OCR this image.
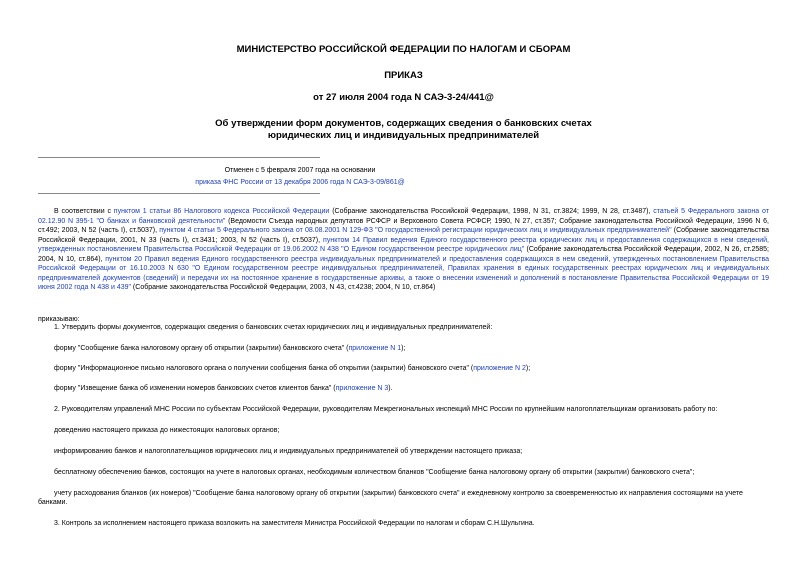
МИНИСТЕРСТВО РОССИЙСКОЙ ФЕДЕРАЦИИ ПО НАЛОГАМ И СБОРАМ
ПРИКАЗ
от 27 июля 2004 года N САЭ-3-24/441@
Об утверждении форм документов, содержащих сведения о банковских счетах
юридических лиц и индивидуальных предпринимателей
Отменен с 5 февраля 2007 года на основании
приказа ФНС России от 13 декабря 2006 года N САЭ-3-09/861@
В соответствии с пунктом 1 статьи 86 Налогового кодекса Российской Федерации (Собрание законодательства Российской Федерации, 1998, N 31, ст.3824; 1999, N 28, ст.3487), статьей 5 Федерального закона от 02.12.90 N 395-1 "О банках и банковской деятельности" (Ведомости Съезда народных депутатов РСФСР и Верховного Совета РСФСР, 1990, N 27, ст.357; Собрание законодательства Российской Федерации, 1996 N 6, ст.492; 2003, N 52 (часть I), ст.5037), пунктом 4 статьи 5 Федерального закона от 08.08.2001 N 129-ФЗ "О государственной регистрации юридических лиц и индивидуальных предпринимателей" (Собрание законодательства Российской Федерации, 2001, N 33 (часть I), ст.3431; 2003, N 52 (часть I), ст.5037), пунктом 14 Правил ведения Единого государственного реестра юридических лиц и предоставления содержащихся в нем сведений, утвержденных постановлением Правительства Российской Федерации от 19.06.2002 N 438 "О Едином государственном реестре юридических лиц" (Собрание законодательства Российской Федерации, 2002, N 26, ст.2585; 2004, N 10, ст.864), пунктом 20 Правил ведения Единого государственного реестра индивидуальных предпринимателей и предоставления содержащихся в нем сведений, утвержденных постановлением Правительства Российской Федерации от 16.10.2003 N 630 "О Едином государственном реестре индивидуальных предпринимателей, Правилах хранения в единых государственных реестрах юридических лиц и индивидуальных предпринимателей документов (сведений) и передачи их на постоянное хранение в государственные архивы, а также о внесении изменений и дополнений в постановление Правительства Российской Федерации от 19 июня 2002 года N 438 и 439" (Собрание законодательства Российской Федерации, 2003, N 43, ст.4238; 2004, N 10, ст.864)
приказываю:
1. Утвердить формы документов, содержащих сведения о банковских счетах юридических лиц и индивидуальных предпринимателей:
форму "Сообщение банка налоговому органу об открытии (закрытии) банковского счета" (приложение N 1);
форму "Информационное письмо налогового органа о получении сообщения банка об открытии (закрытии) банковского счета" (приложение N 2);
форму "Извещение банка об изменении номеров банковских счетов клиентов банка" (приложение N 3).
2. Руководителям управлений МНС России по субъектам Российской Федерации, руководителям Межрегиональных инспекций МНС России по крупнейшим налогоплательщикам организовать работу по:
доведению настоящего приказа до нижестоящих налоговых органов;
информированию банков и налогоплательщиков юридических лиц и индивидуальных предпринимателей об утверждении настоящего приказа;
бесплатному обеспечению банков, состоящих на учете в налоговых органах, необходимым количеством бланков "Сообщение банка налоговому органу об открытии (закрытии) банковского счета";
учету расходования бланков (их номеров) "Сообщение банка налоговому органу об открытии (закрытии) банковского счета" и ежедневному контролю за своевременностью их направления состоящими на учете
банками.
3. Контроль за исполнением настоящего приказа возложить на заместителя Министра Российской Федерации по налогам и сборам С.Н.Шульгина.
